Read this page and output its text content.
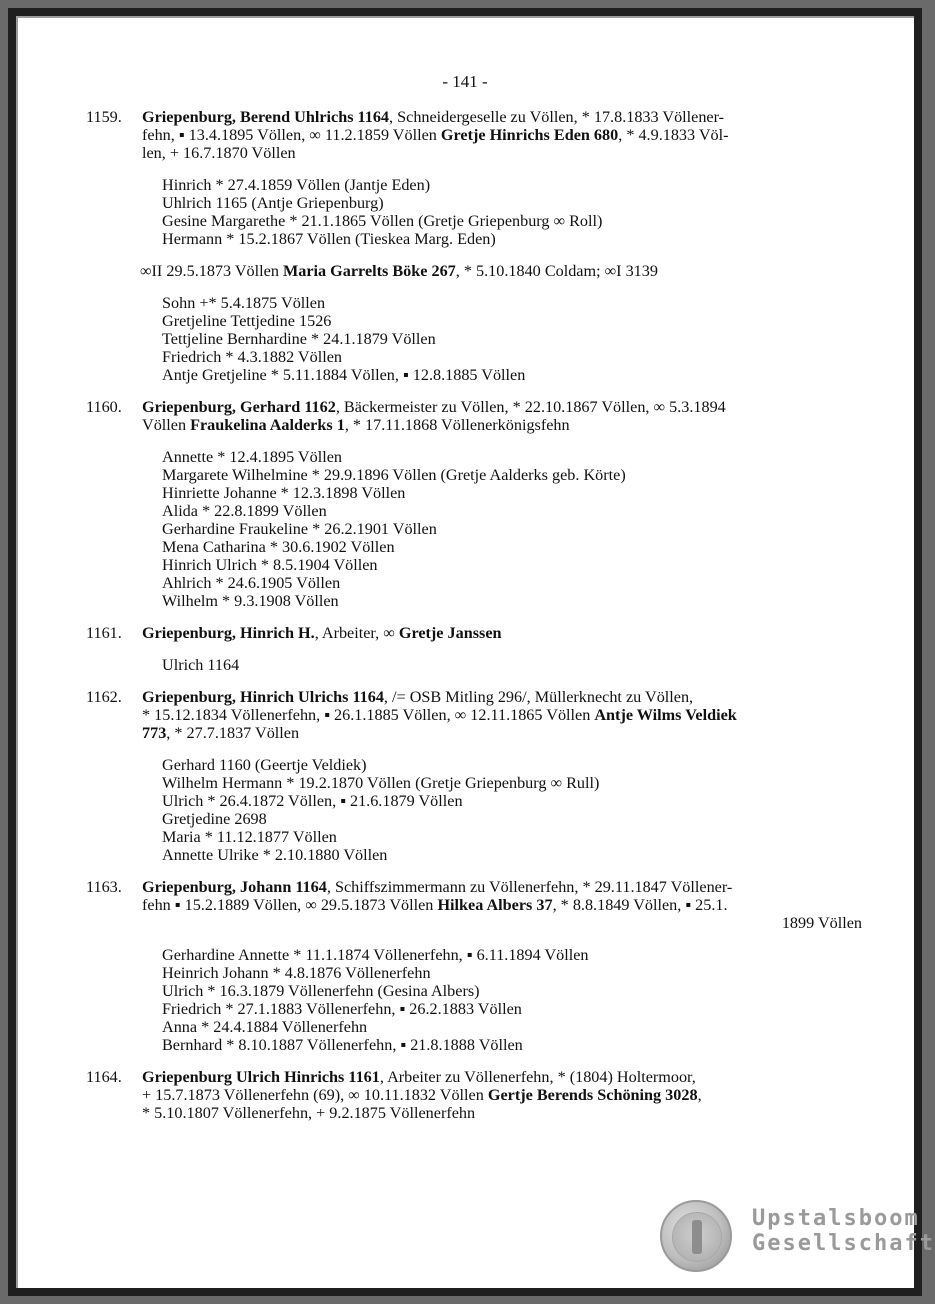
- 141 -
1159. Griepenburg, Berend Uhlrichs 1164, Schneidergeselle zu Völlen, * 17.8.1833 Völlener-
fehn, ▪ 13.4.1895 Völlen, ∞ 11.2.1859 Völlen Gretje Hinrichs Eden 680, * 4.9.1833 Völ-
len, + 16.7.1870 Völlen
Hinrich * 27.4.1859 Völlen (Jantje Eden)
Uhlrich 1165 (Antje Griepenburg)
Gesine Margarethe * 21.1.1865 Völlen (Gretje Griepenburg ∞ Roll)
Hermann * 15.2.1867 Völlen (Tieskea Marg. Eden)
∞II 29.5.1873 Völlen Maria Garrelts Böke 267, * 5.10.1840 Coldam; ∞I 3139
Sohn +* 5.4.1875 Völlen
Gretjeline Tettjedine 1526
Tettjeline Bernhardine * 24.1.1879 Völlen
Friedrich * 4.3.1882 Völlen
Antje Gretjeline * 5.11.1884 Völlen, ▪ 12.8.1885 Völlen
1160. Griepenburg, Gerhard 1162, Bäckermeister zu Völlen, * 22.10.1867 Völlen, ∞ 5.3.1894
Völlen Fraukelina Aalderks 1, * 17.11.1868 Völlenerkönigsfehn
Annette * 12.4.1895 Völlen
Margarete Wilhelmine * 29.9.1896 Völlen (Gretje Aalderks geb. Körte)
Hinriette Johanne * 12.3.1898 Völlen
Alida * 22.8.1899 Völlen
Gerhardine Fraukeline * 26.2.1901 Völlen
Mena Catharina * 30.6.1902 Völlen
Hinrich Ulrich * 8.5.1904 Völlen
Ahlrich * 24.6.1905 Völlen
Wilhelm * 9.3.1908 Völlen
1161. Griepenburg, Hinrich H., Arbeiter, ∞ Gretje Janssen
Ulrich 1164
1162. Griepenburg, Hinrich Ulrichs 1164, /= OSB Mitling 296/, Müllerknecht zu Völlen,
* 15.12.1834 Völlenerfehn, ▪ 26.1.1885 Völlen, ∞ 12.11.1865 Völlen Antje Wilms Veldiek
773, * 27.7.1837 Völlen
Gerhard 1160 (Geertje Veldiek)
Wilhelm Hermann * 19.2.1870 Völlen (Gretje Griepenburg ∞ Rull)
Ulrich * 26.4.1872 Völlen, ▪ 21.6.1879 Völlen
Gretjedine 2698
Maria * 11.12.1877 Völlen
Annette Ulrike * 2.10.1880 Völlen
1163. Griepenburg, Johann 1164, Schiffszimmermann zu Völlenerfehn, * 29.11.1847 Völlener-
fehn ▪ 15.2.1889 Völlen, ∞ 29.5.1873 Völlen Hilkea Albers 37, * 8.8.1849 Völlen, ▪ 25.1.
1899 Völlen
Gerhardine Annette * 11.1.1874 Völlenerfehn, ▪ 6.11.1894 Völlen
Heinrich Johann * 4.8.1876 Völlenerfehn
Ulrich * 16.3.1879 Völlenerfehn (Gesina Albers)
Friedrich * 27.1.1883 Völlenerfehn, ▪ 26.2.1883 Völlen
Anna * 24.4.1884 Völlenerfehn
Bernhard * 8.10.1887 Völlenerfehn, ▪ 21.8.1888 Völlen
1164. Griepenburg Ulrich Hinrichs 1161, Arbeiter zu Völlenerfehn, * (1804) Holtermoor,
+ 15.7.1873 Völlenerfehn (69), ∞ 10.11.1832 Völlen Gertje Berends Schöning 3028,
* 5.10.1807 Völlenerfehn, + 9.2.1875 Völlenerfehn
Upstalsboom
Gesellschaft
